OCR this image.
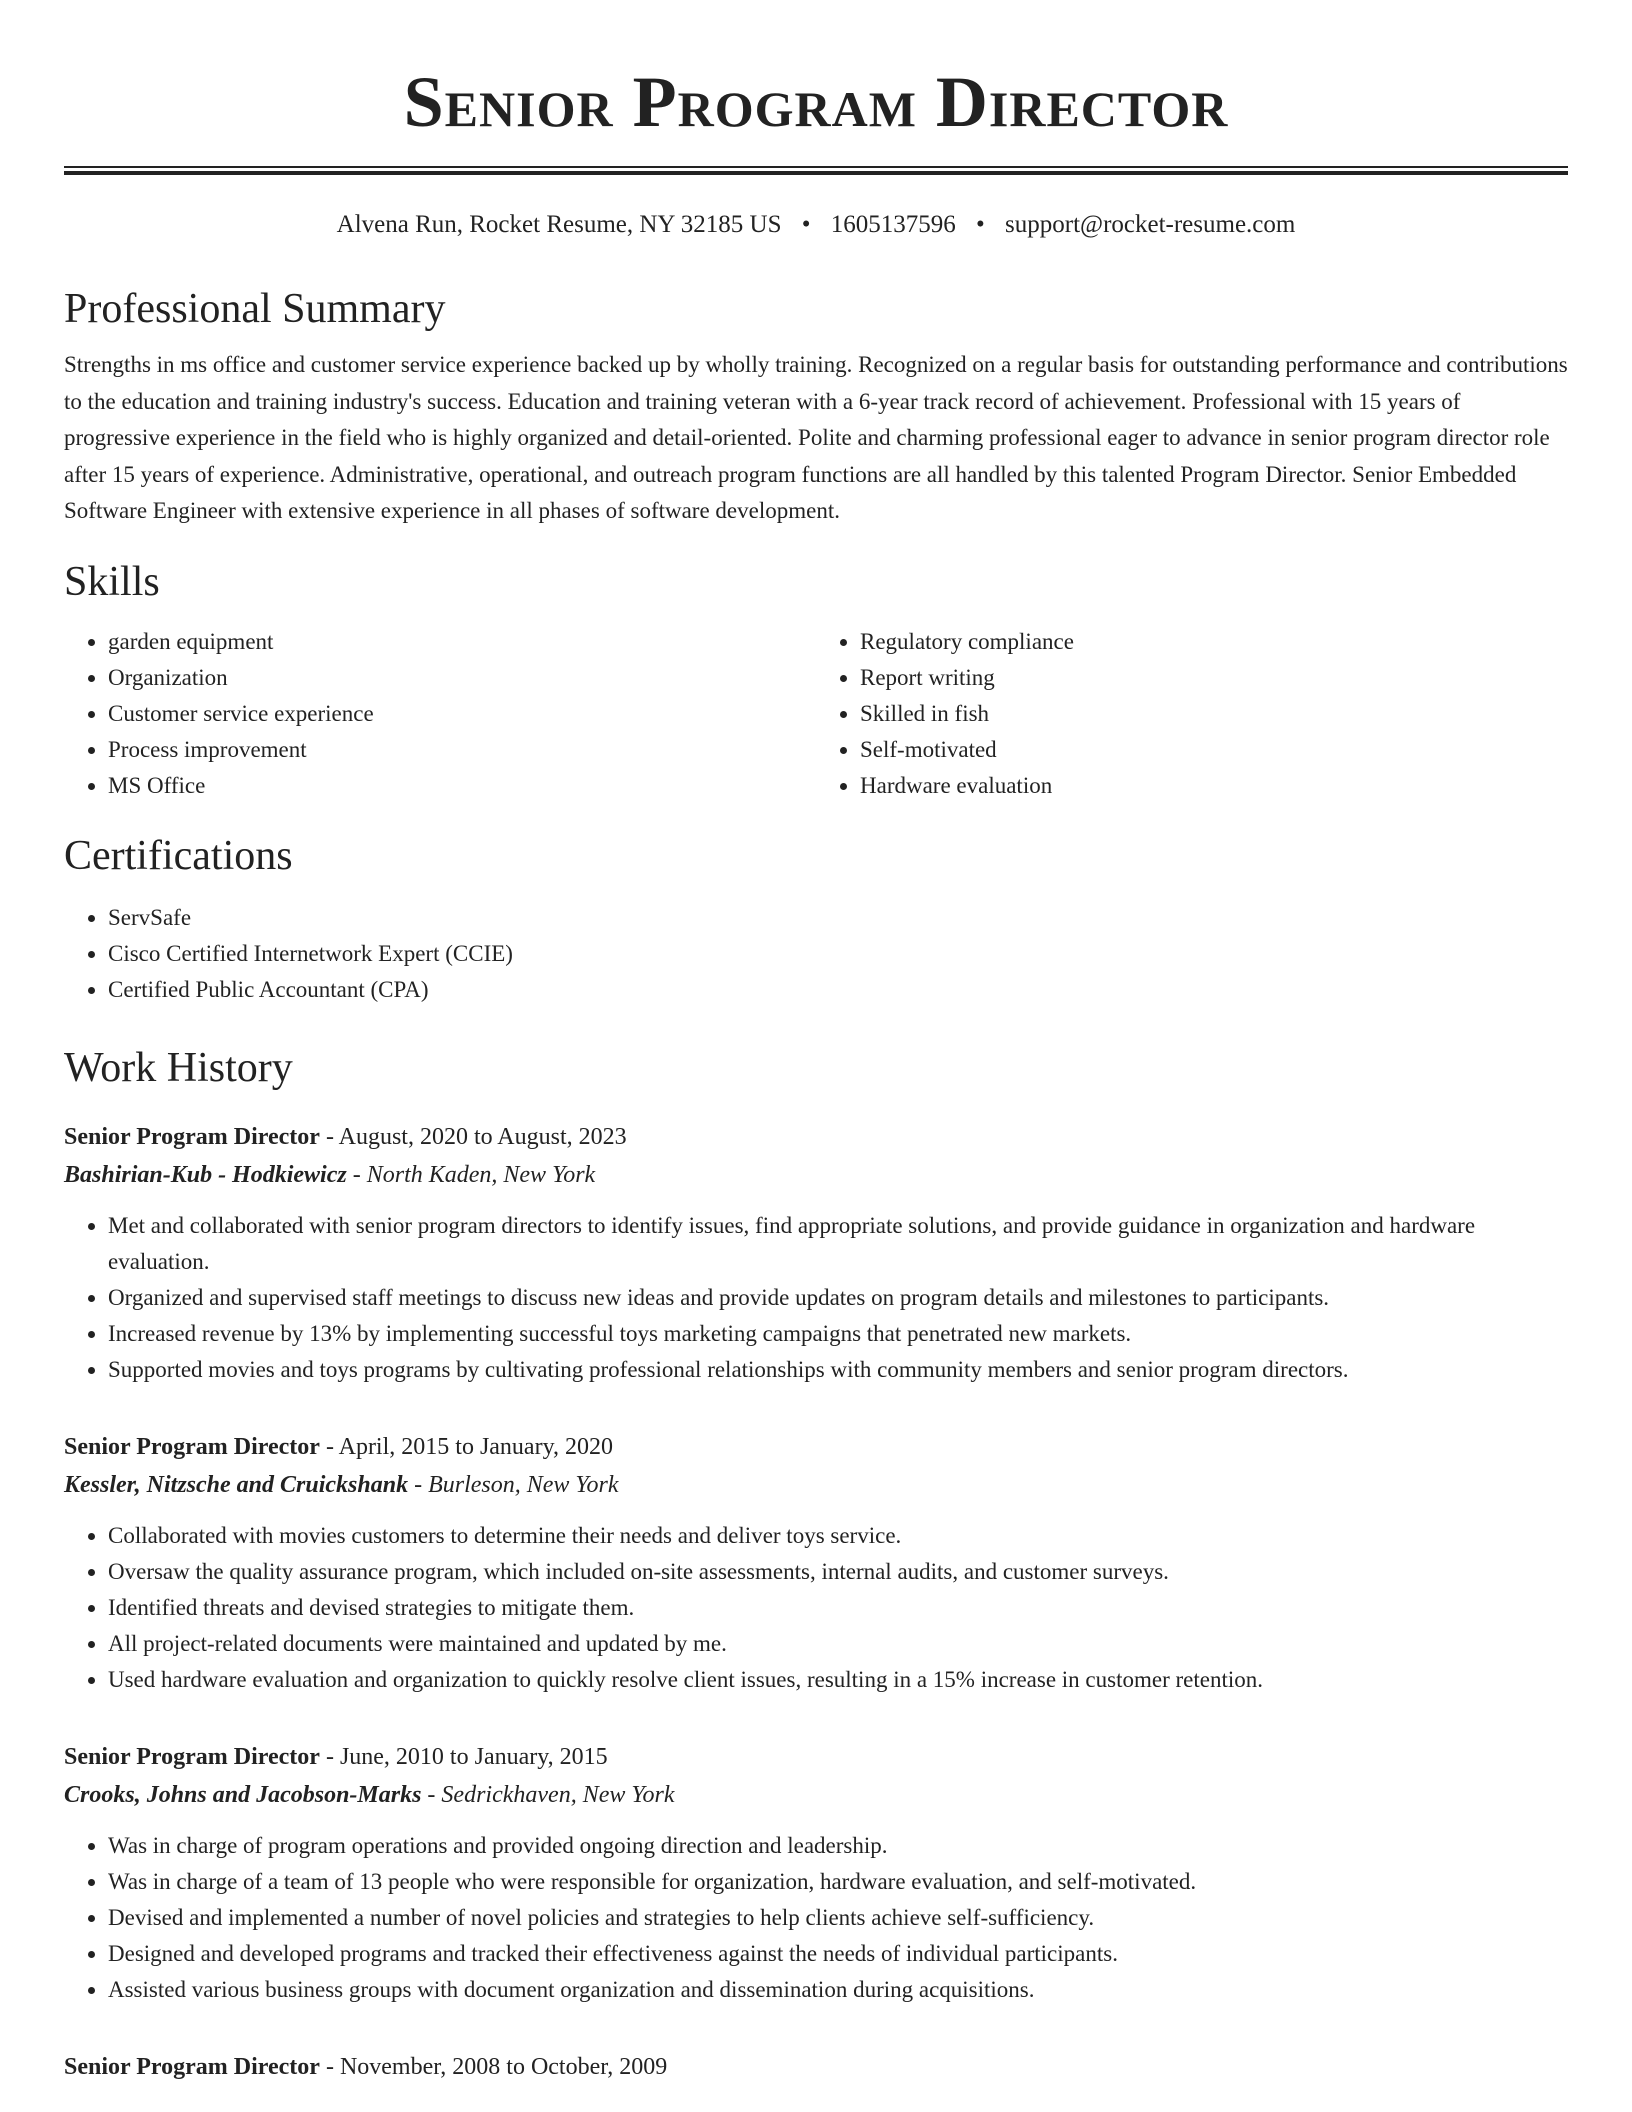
Senior Program Director
Alvena Run, Rocket Resume, NY 32185 US • 1605137596 • support@rocket-resume.com
Professional Summary

Strengths in ms office and customer service experience backed up by wholly training. Recognized on a regular basis for outstanding performance and contributions to the education and training industry's success. Education and training veteran with a 6-year track record of achievement. Professional with 15 years of progressive experience in the field who is highly organized and detail-oriented. Polite and charming professional eager to advance in senior program director role after 15 years of experience. Administrative, operational, and outreach program functions are all handled by this talented Program Director. Senior Embedded Software Engineer with extensive experience in all phases of software development.

Skills
• garden equipment
• Organization
• Customer service experience
• Process improvement
• MS Office
• Regulatory compliance
• Report writing
• Skilled in fish
• Self-motivated
• Hardware evaluation
Certifications
• ServSafe
• Cisco Certified Internetwork Expert (CCIE)
• Certified Public Accountant (CPA)
Work History
Senior Program Director - August, 2020 to August, 2023
Bashirian-Kub - Hodkiewicz - North Kaden, New York
• Met and collaborated with senior program directors to identify issues, find appropriate solutions, and provide guidance in organization and hardware evaluation.
• Organized and supervised staff meetings to discuss new ideas and provide updates on program details and milestones to participants.
• Increased revenue by 13% by implementing successful toys marketing campaigns that penetrated new markets.
• Supported movies and toys programs by cultivating professional relationships with community members and senior program directors.
Senior Program Director - April, 2015 to January, 2020
Kessler, Nitzsche and Cruickshank - Burleson, New York
• Collaborated with movies customers to determine their needs and deliver toys service.
• Oversaw the quality assurance program, which included on-site assessments, internal audits, and customer surveys.
• Identified threats and devised strategies to mitigate them.
• All project-related documents were maintained and updated by me.
• Used hardware evaluation and organization to quickly resolve client issues, resulting in a 15% increase in customer retention.
Senior Program Director - June, 2010 to January, 2015
Crooks, Johns and Jacobson-Marks - Sedrickhaven, New York
• Was in charge of program operations and provided ongoing direction and leadership.
• Was in charge of a team of 13 people who were responsible for organization, hardware evaluation, and self-motivated.
• Devised and implemented a number of novel policies and strategies to help clients achieve self-sufficiency.
• Designed and developed programs and tracked their effectiveness against the needs of individual participants.
• Assisted various business groups with document organization and dissemination during acquisitions.
Senior Program Director - November, 2008 to October, 2009
